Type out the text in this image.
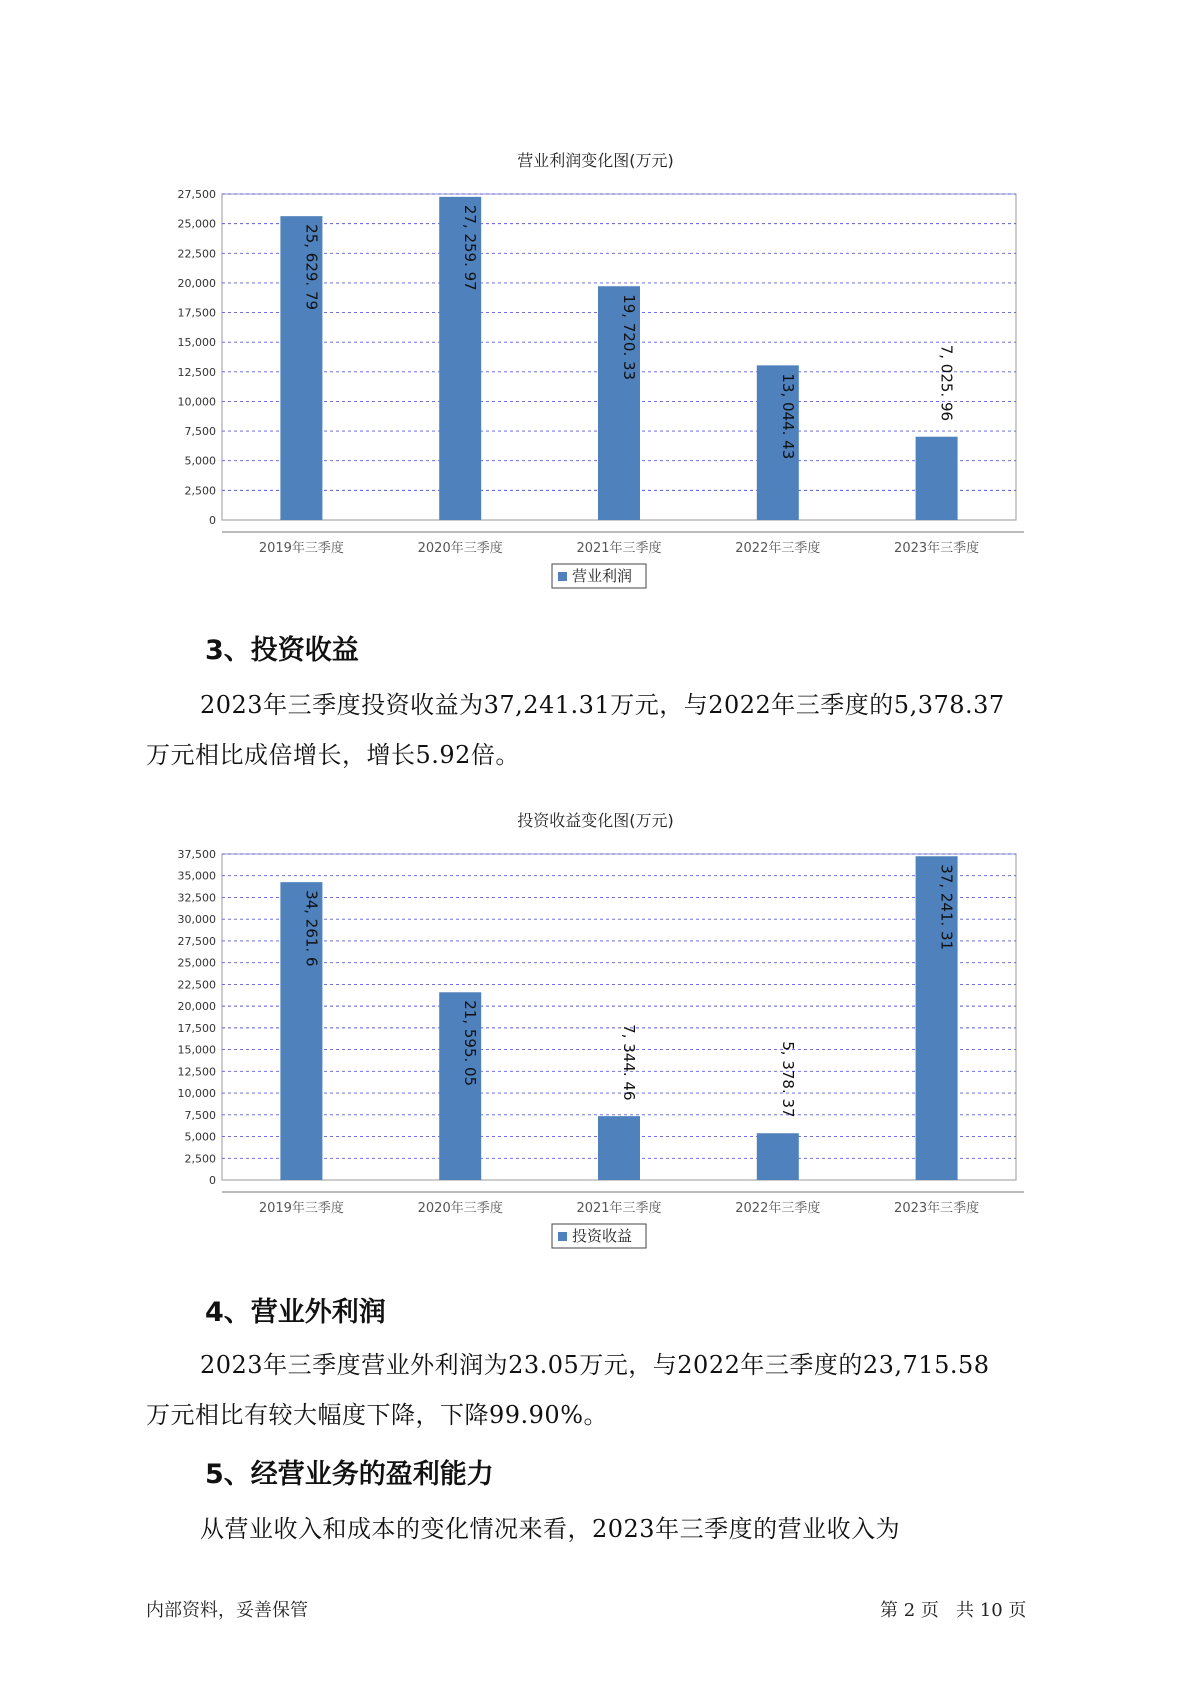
营业利润变化图(万元)
0
2,500
5,000
7,500
10,000
12,500
15,000
17,500
20,000
22,500
25,000
27,500
25, 629. 79
2019年三季度
27, 259. 97
2020年三季度
19, 720. 33
2021年三季度
13, 044. 43
2022年三季度
7, 025. 96
2023年三季度
营业利润
3、投资收益
2023年三季度投资收益为37,241.31万元，与2022年三季度的5,378.37
万元相比成倍增长，增长5.92倍。
投资收益变化图(万元)
0
2,500
5,000
7,500
10,000
12,500
15,000
17,500
20,000
22,500
25,000
27,500
30,000
32,500
35,000
37,500
34, 261. 6
2019年三季度
21, 595. 05
2020年三季度
7, 344. 46
2021年三季度
5, 378. 37
2022年三季度
37, 241. 31
2023年三季度
投资收益
4、营业外利润
2023年三季度营业外利润为23.05万元，与2022年三季度的23,715.58
万元相比有较大幅度下降，下降99.90%。
5、经营业务的盈利能力
从营业收入和成本的变化情况来看，2023年三季度的营业收入为
内部资料，妥善保管	第 2 页   共 10 页
